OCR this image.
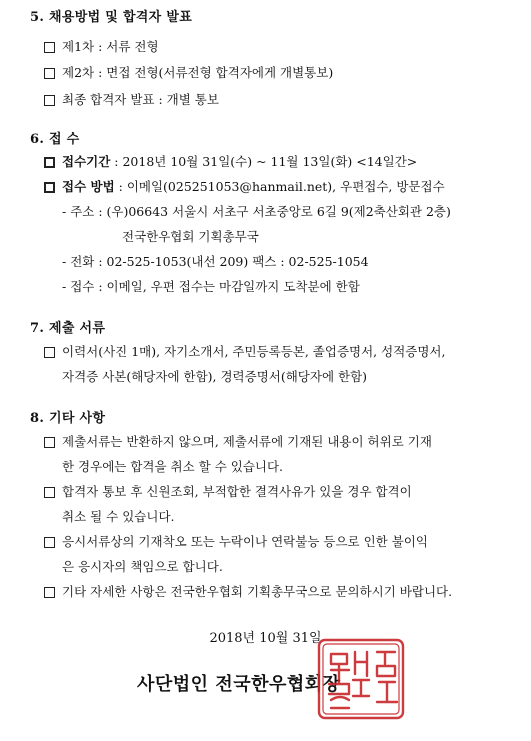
5. 채용방법 및 합격자 발표
제1차 : 서류 전형
제2차 : 면접 전형(서류전형 합격자에게 개별통보)
최종 합격자 발표 : 개별 통보
6. 접 수
접수기간 : 2018년 10월 31일(수) ~ 11월 13일(화) <14일간>
접수 방법 : 이메일(025251053@hanmail.net), 우편접수, 방문접수
- 주소 : (우)06643 서울시 서초구 서초중앙로 6길 9(제2축산회관 2층)
전국한우협회 기획총무국
- 전화 : 02-525-1053(내선 209) 팩스 : 02-525-1054
- 접수 : 이메일, 우편 접수는 마감일까지 도착분에 한함
7. 제출 서류
이력서(사진 1매), 자기소개서, 주민등록등본, 졸업증명서, 성적증명서,
자격증 사본(해당자에 한함), 경력증명서(해당자에 한함)
8. 기타 사항
제출서류는 반환하지 않으며, 제출서류에 기재된 내용이 허위로 기재
한 경우에는 합격을 취소 할 수 있습니다.
합격자 통보 후 신원조회, 부적합한 결격사유가 있을 경우 합격이
취소 될 수 있습니다.
응시서류상의 기재착오 또는 누락이나 연락불능 등으로 인한 불이익
은 응시자의 책임으로 합니다.
기타 자세한 사항은 전국한우협회 기획총무국으로 문의하시기 바랍니다.
2018년 10월 31일
사단법인 전국한우협회장
